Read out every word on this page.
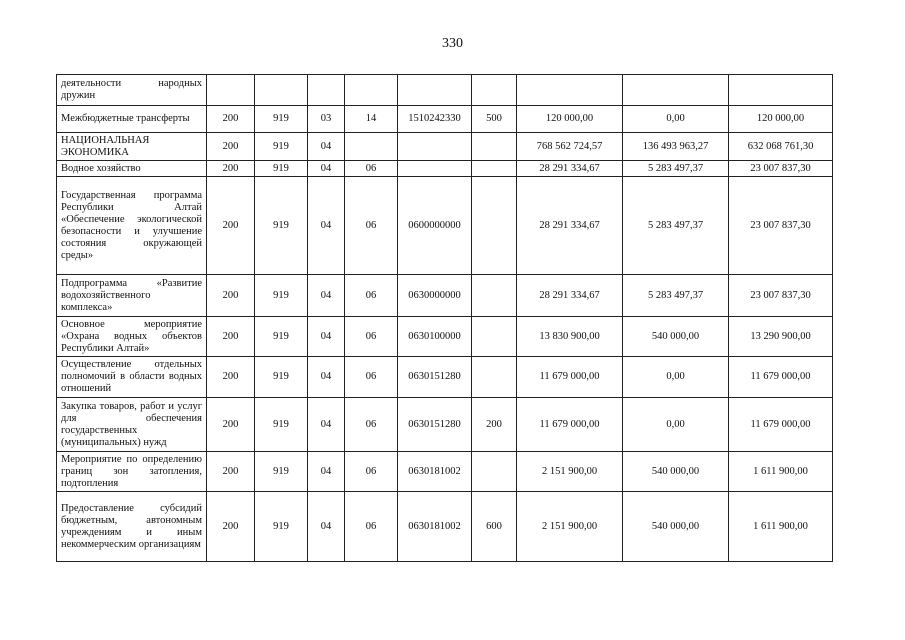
330
деятельности народных дружин									
Межбюджетные трансферты	200	919	03	14	1510242330	500	120 000,00	0,00	120 000,00
НАЦИОНАЛЬНАЯ ЭКОНОМИКА	200	919	04				768 562 724,57	136 493 963,27	632 068 761,30
Водное хозяйство	200	919	04	06			28 291 334,67	5 283 497,37	23 007 837,30
Государственная программа Республики Алтай «Обеспечение экологической безопасности и улучшение состояния окружающей среды»	200	919	04	06	0600000000		28 291 334,67	5 283 497,37	23 007 837,30
Подпрограмма «Развитие водохозяйственного комплекса»	200	919	04	06	0630000000		28 291 334,67	5 283 497,37	23 007 837,30
Основное мероприятие «Охрана водных объектов Республики Алтай»	200	919	04	06	0630100000		13 830 900,00	540 000,00	13 290 900,00
Осуществление отдельных полномочий в области водных отношений	200	919	04	06	0630151280		11 679 000,00	0,00	11 679 000,00
Закупка товаров, работ и услуг для обеспечения государственных (муниципальных) нужд	200	919	04	06	0630151280	200	11 679 000,00	0,00	11 679 000,00
Мероприятие по определению границ зон затопления, подтопления	200	919	04	06	0630181002		2 151 900,00	540 000,00	1 611 900,00
Предоставление субсидий бюджетным, автономным учреждениям и иным некоммерческим организациям	200	919	04	06	0630181002	600	2 151 900,00	540 000,00	1 611 900,00
